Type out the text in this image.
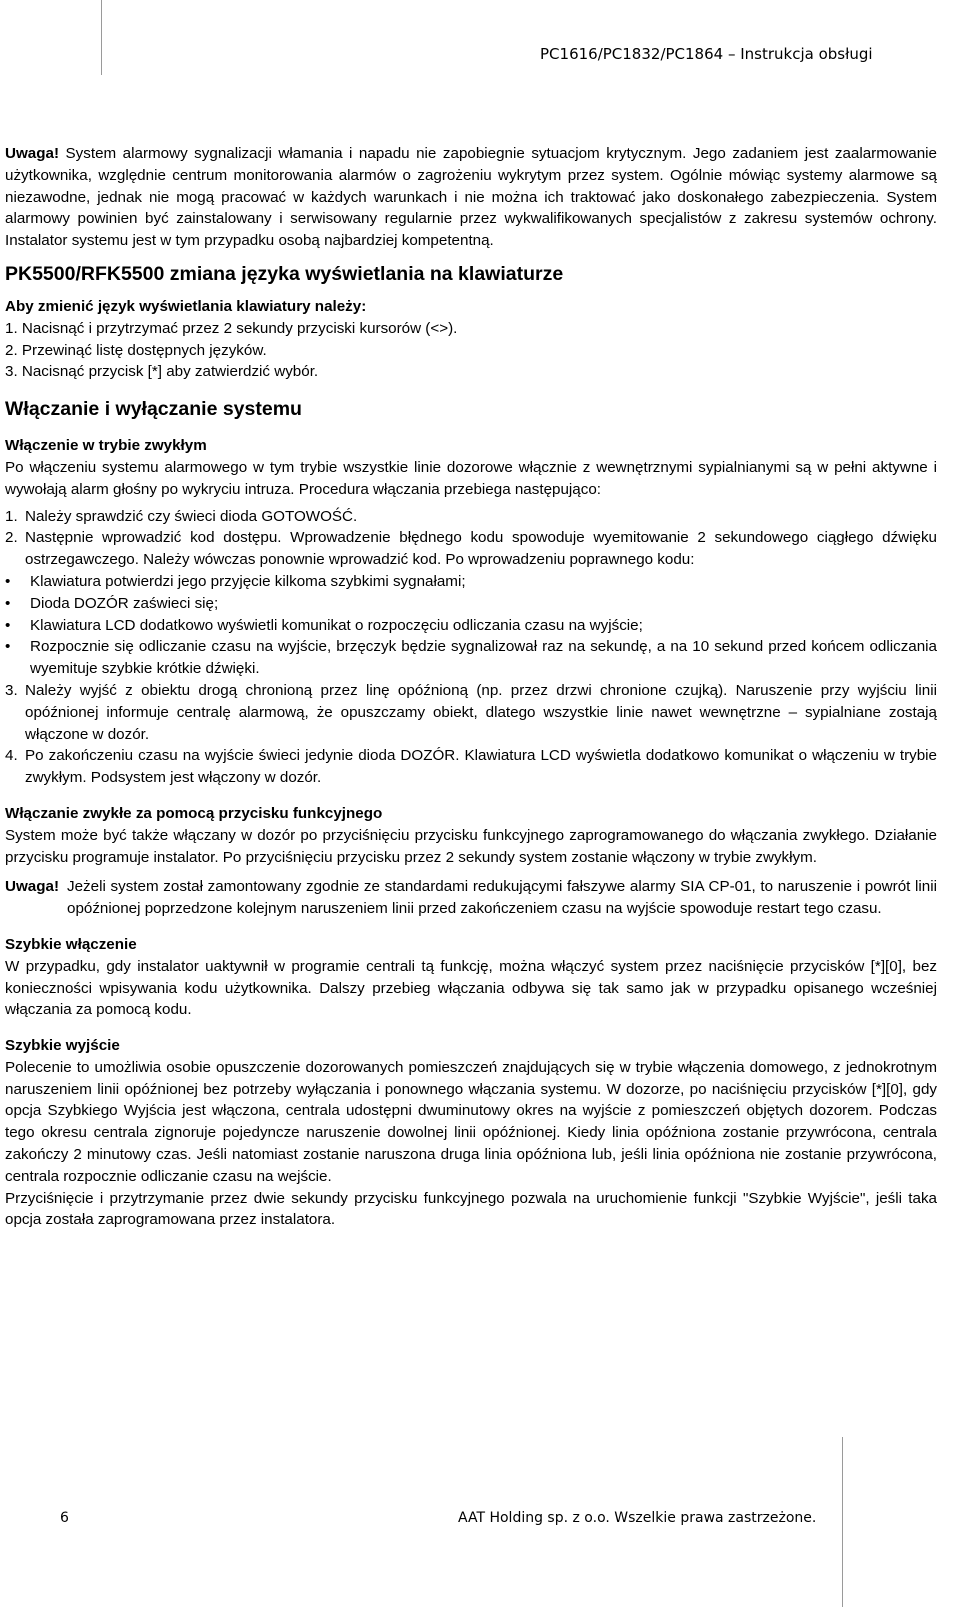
PC1616/PC1832/PC1864 – Instrukcja obsługi

Uwaga! System alarmowy sygnalizacji włamania i napadu nie zapobiegnie sytuacjom krytycznym. Jego zadaniem jest zaalarmowanie użytkownika, względnie centrum monitorowania alarmów o zagrożeniu wykrytym przez system. Ogólnie mówiąc systemy alarmowe są niezawodne, jednak nie mogą pracować w każdych warunkach i nie można ich traktować jako doskonałego zabezpieczenia. System alarmowy powinien być zainstalowany i serwisowany regularnie przez wykwalifikowanych specjalistów z zakresu systemów ochrony. Instalator systemu jest w tym przypadku osobą najbardziej kompetentną.

PK5500/RFK5500 zmiana języka wyświetlania na klawiaturze
Aby zmienić język wyświetlania klawiatury należy:

1. Nacisnąć i przytrzymać przez 2 sekundy przyciski kursorów (<>).

2. Przewinąć listę dostępnych języków.

3. Nacisnąć przycisk [*] aby zatwierdzić wybór.

Włączanie i wyłączanie systemu
Włączenie w trybie zwykłym

Po włączeniu systemu alarmowego w tym trybie wszystkie linie dozorowe włącznie z wewnętrznymi sypialnianymi są w pełni aktywne i wywołają alarm głośny po wykryciu intruza. Procedura włączania przebiega następująco:

1. Należy sprawdzić czy świeci dioda GOTOWOŚĆ.
2. Następnie wprowadzić kod dostępu. Wprowadzenie błędnego kodu spowoduje wyemitowanie 2 sekundowego ciągłego dźwięku ostrzegawczego. Należy wówczas ponownie wprowadzić kod. Po wprowadzeniu poprawnego kodu:
•	Klawiatura potwierdzi jego przyjęcie kilkoma szybkimi sygnałami;
•	Dioda DOZÓR zaświeci się;
•	Klawiatura LCD dodatkowo wyświetli komunikat o rozpoczęciu odliczania czasu na wyjście;
•	Rozpocznie się odliczanie czasu na wyjście, brzęczyk będzie sygnalizował raz na sekundę, a na 10 sekund przed końcem odliczania wyemituje szybkie krótkie dźwięki.
3. Należy wyjść z obiektu drogą chronioną przez linę opóźnioną (np. przez drzwi chronione czujką). Naruszenie przy wyjściu linii opóźnionej informuje centralę alarmową, że opuszczamy obiekt, dlatego wszystkie linie nawet wewnętrzne – sypialniane zostają włączone w dozór.
4. Po zakończeniu czasu na wyjście świeci jedynie dioda DOZÓR. Klawiatura LCD wyświetla dodatkowo komunikat o włączeniu w trybie zwykłym. Podsystem jest włączony w dozór.
Włączanie zwykłe za pomocą przycisku funkcyjnego

System może być także włączany w dozór po przyciśnięciu przycisku funkcyjnego zaprogramowanego do włączania zwykłego. Działanie przycisku programuje instalator. Po przyciśnięciu przycisku przez 2 sekundy system zostanie włączony w trybie zwykłym.

Uwaga! Jeżeli system został zamontowany zgodnie ze standardami redukującymi fałszywe alarmy SIA CP-01, to naruszenie i powrót linii opóźnionej poprzedzone kolejnym naruszeniem linii przed zakończeniem czasu na wyjście spowoduje restart tego czasu.
Szybkie włączenie

W przypadku, gdy instalator uaktywnił w programie centrali tą funkcję, można włączyć system przez naciśnięcie przycisków [*][0], bez konieczności wpisywania kodu użytkownika. Dalszy przebieg włączania odbywa się tak samo jak w przypadku opisanego wcześniej włączania za pomocą kodu.

Szybkie wyjście

Polecenie to umożliwia osobie opuszczenie dozorowanych pomieszczeń znajdujących się w trybie włączenia domowego, z jednokrotnym naruszeniem linii opóźnionej bez potrzeby wyłączania i ponownego włączania systemu. W dozorze, po naciśnięciu przycisków [*][0], gdy opcja Szybkiego Wyjścia jest włączona, centrala udostępni dwuminutowy okres na wyjście z pomieszczeń objętych dozorem. Podczas tego okresu centrala zignoruje pojedyncze naruszenie dowolnej linii opóźnionej. Kiedy linia opóźniona zostanie przywrócona, centrala zakończy 2 minutowy czas. Jeśli natomiast zostanie naruszona druga linia opóźniona lub, jeśli linia opóźniona nie zostanie przywrócona, centrala rozpocznie odliczanie czasu na wejście.

Przyciśnięcie i przytrzymanie przez dwie sekundy przycisku funkcyjnego pozwala na uruchomienie funkcji "Szybkie Wyjście", jeśli taka opcja została zaprogramowana przez instalatora.

6	AAT Holding sp. z o.o. Wszelkie prawa zastrzeżone.
